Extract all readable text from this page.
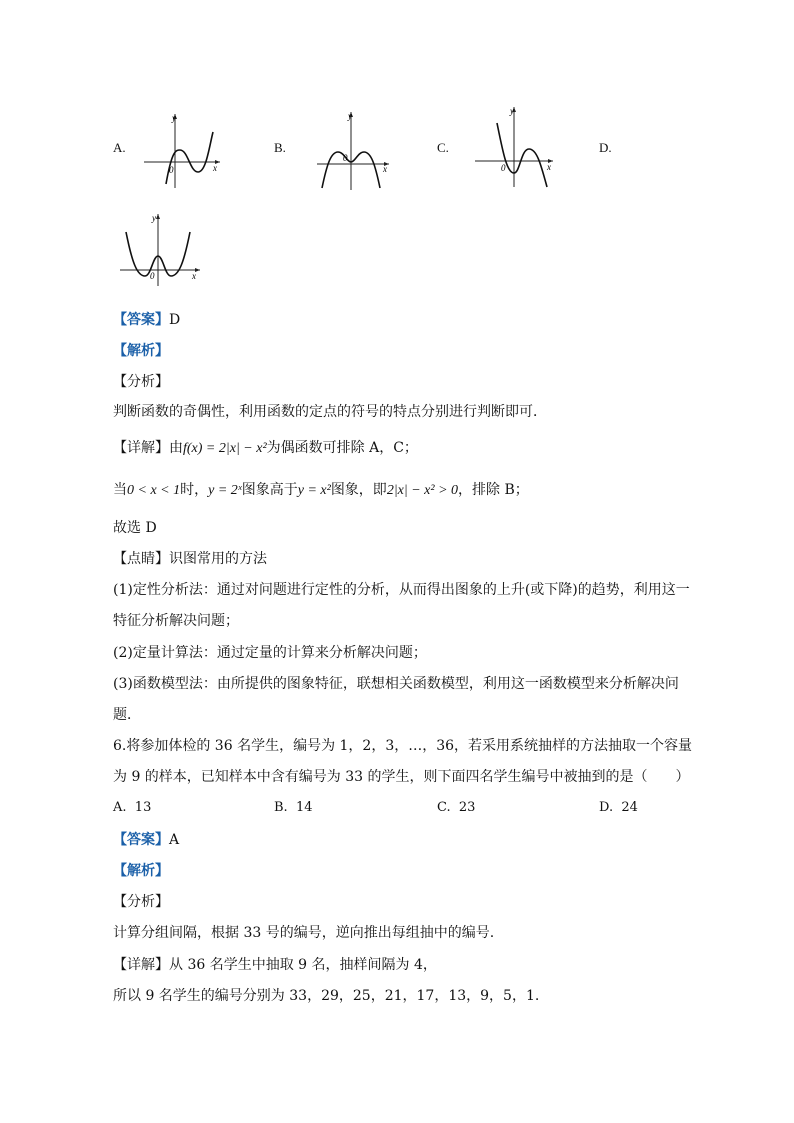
A.	B.	C.	D.
y
x
0
y
x
0
y
x
0
y
x
0
【答案】D
【解析】
【分析】
判断函数的奇偶性，利用函数的定点的符号的特点分别进行判断即可．
【详解】由f(x) = 2|x| − x²为偶函数可排除 A，C；
当0 < x < 1时，y = 2ˣ图象高于y = x²图象，即2|x| − x² > 0，排除 B；
故选 D
【点睛】识图常用的方法
(1)定性分析法：通过对问题进行定性的分析，从而得出图象的上升(或下降)的趋势，利用这一
特征分析解决问题；
(2)定量计算法：通过定量的计算来分析解决问题；
(3)函数模型法：由所提供的图象特征，联想相关函数模型，利用这一函数模型来分析解决问
题．
6.将参加体检的 36 名学生，编号为 1，2，3，…，36，若采用系统抽样的方法抽取一个容量
为 9 的样本，已知样本中含有编号为 33 的学生，则下面四名学生编号中被抽到的是（　　）
A. 13	B. 14	C. 23	D. 24
【答案】A
【解析】
【分析】
计算分组间隔，根据 33 号的编号，逆向推出每组抽中的编号.
【详解】从 36 名学生中抽取 9 名，抽样间隔为 4，
所以 9 名学生的编号分别为 33，29，25，21，17，13，9，5，1.
